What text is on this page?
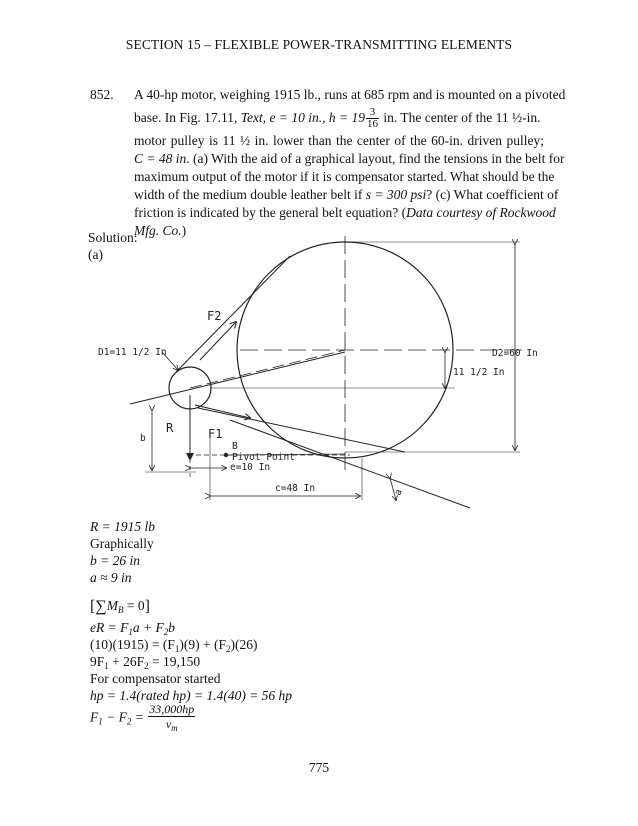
SECTION 15 – FLEXIBLE POWER-TRANSMITTING ELEMENTS
852. A 40-hp motor, weighing 1915 lb., runs at 685 rpm and is mounted on a pivoted
base. In Fig. 17.11, Text, e = 10 in., $h = 19 \frac{3}{16}$ in. The center of the 11 ½-in.
motor pulley is 11 ½ in. lower than the center of the 60-in. driven pulley;
C = 48 in. (a) With the aid of a graphical layout, find the tensions in the belt for
maximum output of the motor if it is compensator started. What should be the
width of the medium double leather belt if s = 300 psi? (c) What coefficient of
friction is indicated by the general belt equation? (Data courtesy of Rockwood
Mfg. Co.)
Solution:
(a)
F2
D1=11 1/2 In	D2=60 In
11 1/2 In
R	F1
B
Pivot Point
e=10 In
b
c=48 In	a
R = 1915 lb
Graphically
b = 26 in
a ≈ 9 in
$[\sum M_B = 0]$
eR = $F_1a + F_2b$
$(10)(1915) = (F_1)(9) + (F_2)(26)$
$9F_1 + 26F_2 = 19,150$
For compensator started
hp = 1.4(rated hp) = 1.4(40) = 56 hp
$F_1 - F_2 = \frac{33,000hp}{v_m}$
775
